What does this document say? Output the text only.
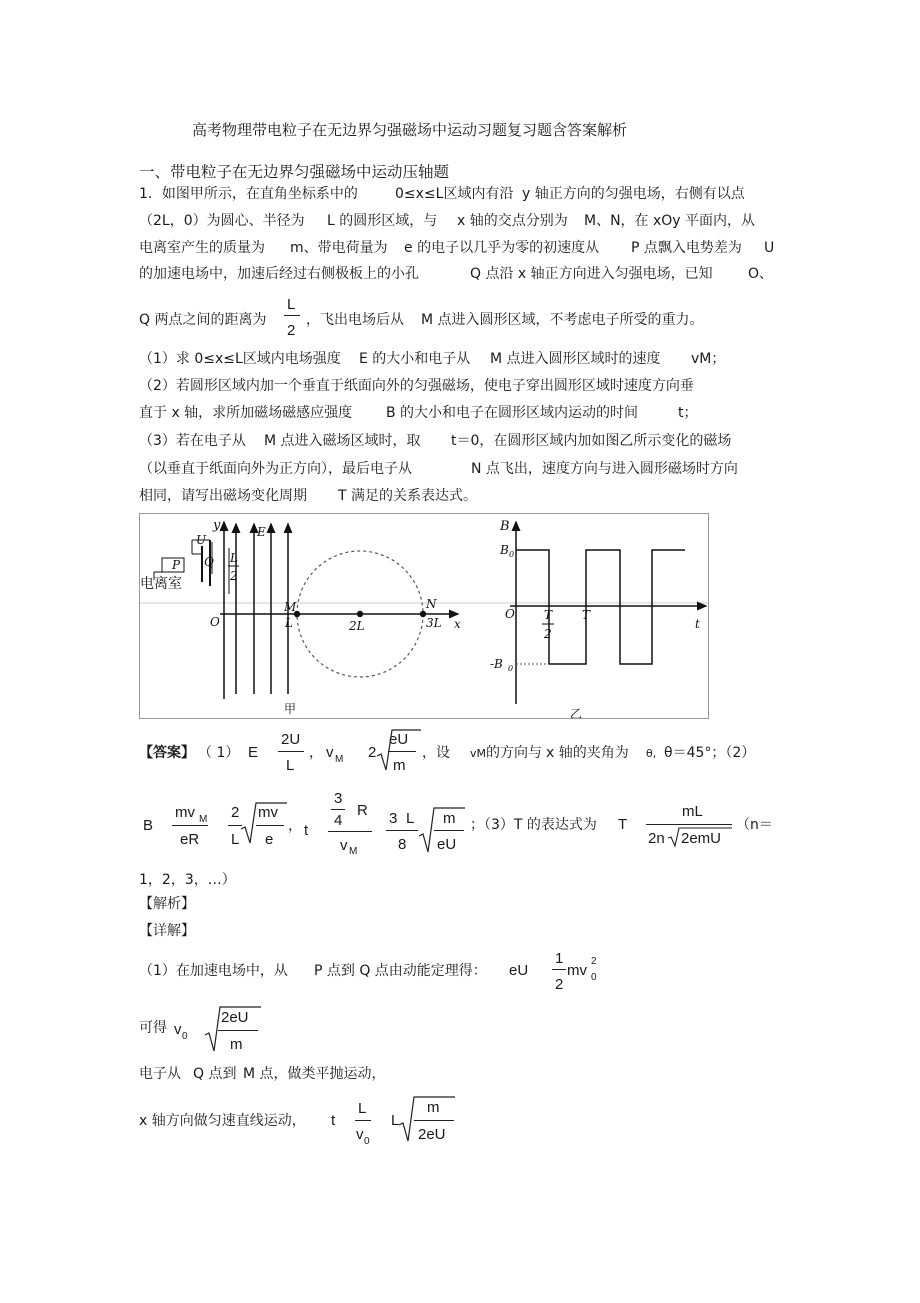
高考物理带电粒子在无边界匀强磁场中运动习题复习题含答案解析
一、带电粒子在无边界匀强磁场中运动压轴题
1．如图甲所示，在直角坐标系中的	0≤x≤L区域内有沿 y 轴正方向的匀强电场，右侧有以点
（2L，0）为圆心、半径为 L 的圆形区域，与 x 轴的交点分别为 M、N，在 xOy 平面内，从
电离室产生的质量为 m、带电荷量为 e 的电子以几乎为零的初速度从 P 点飘入电势差为 U
的加速电场中，加速后经过右侧极板上的小孔	Q 点沿 x 轴正方向进入匀强电场，已知	O、
Q 两点之间的距离为
L
2
，飞出电场后从 M 点进入圆形区域，不考虑电子所受的重力。
（1）求 0≤x≤L区域内电场强度 E 的大小和电子从 M 点进入圆形区域时的速度 vM；
（2）若圆形区域内加一个垂直于纸面向外的匀强磁场，使电子穿出圆形区域时速度方向垂
直于 x 轴，求所加磁场磁感应强度 B 的大小和电子在圆形区域内运动的时间	t；
（3）若在电子从 M 点进入磁场区域时，取 t＝0，在圆形区域内加如图乙所示变化的磁场
（以垂直于纸面向外为正方向），最后电子从	N 点飞出，速度方向与进入圆形磁场时方向
相同，请写出磁场变化周期 T 满足的关系表达式。
y
U
E
P Q L
2
电离室
M	N
O	L	2L	3L x
甲
B
B 0
-B 0
O T
2
T
t
乙
【答案】 （ 1） E
2U
L
， v M 2
eU
m
，设 vM 的方向与 x 轴的夹角为 θ, θ＝45°；（2）
B
mv M
eR
2
L
mv
e
， t
3
4
R
v M
3 L
8
m
eU
；（3）T 的表达式为 T
mL
2n 2emU
（n＝
1，2，3，…）
【解析】
【详解】
（1）在加速电场中，从 P 点到 Q 点由动能定理得： eU
1
2
mv
2
0
可得 v 0
2eU
m
电子从 Q 点到 M 点，做类平抛运动，
x 轴方向做匀速直线运动， t
L
v 0
L
m
2eU
